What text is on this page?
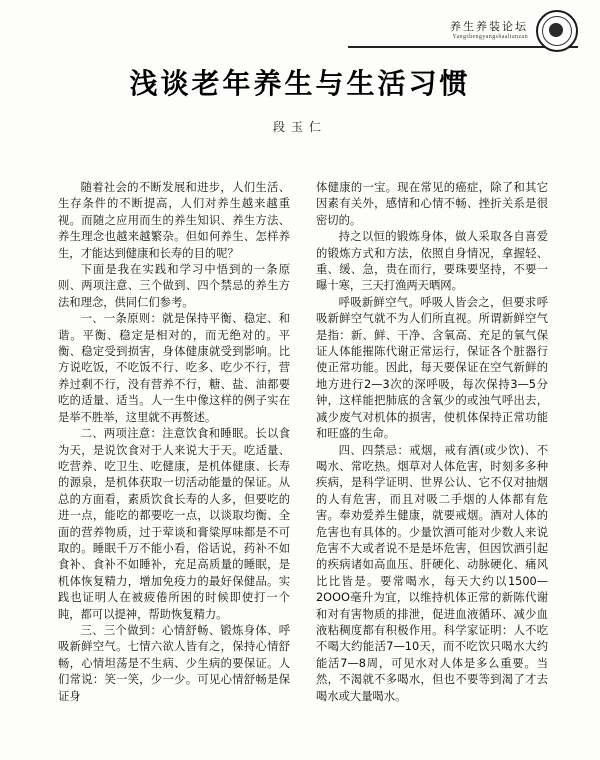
养生养装论坛
Yangshengyangshaaltanzan
浅谈老年养生与生活习惯
段玉仁

随着社会的不断发展和进步，人们生活、生存条件的不断提高，人们对养生越来越重视。而随之应用而生的养生知识、养生方法、养生理念也越来越繁杂。但如何养生、怎样养生，才能达到健康和长寿的目的呢？

下面是我在实践和学习中悟到的一条原则、两项注意、三个做到、四个禁忌的养生方法和理念，供同仁们参考。

一、一条原则：就是保持平衡、稳定、和谐。平衡、稳定是相对的，而无绝对的。平衡、稳定受到损害，身体健康就受到影响。比方说吃饭，不吃饭不行、吃多、吃少不行，营养过剩不行，没有营养不行，糖、盐、油都要吃的适量、适当。人一生中像这样的例子实在是举不胜举，这里就不再赘述。

二、两项注意：注意饮食和睡眠。长以食为天，是说饮食对于人来说大于天。吃适量、吃营养、吃卫生、吃健康，是机体健康、长寿的源泉，是机体获取一切活动能量的保证。从总的方面看，素质饮食长寿的人多，但要吃的进一点，能吃的都要吃一点，以谈取均衡、全面的营养物质，过于荤谈和膏粱厚味都是不可取的。睡眠千万不能小看，俗话说，药补不如食补、食补不如睡补，充足高质量的睡眠，是机体恢复精力，增加免疫力的最好保健品。实践也证明人在被疲倦所困的时候即使打一个盹，都可以提神，帮助恢复精力。

三、三个做到：心情舒畅、锻炼身体、呼吸新鲜空气。七情六欲人皆有之，保持心情舒畅，心情坦荡是不生病、少生病的要保证。人们常说：笑一笑，少一少。可见心情舒畅是保证身

体健康的一宝。现在常见的癌症，除了和其它因素有关外，感情和心情不畅、挫折关系是很密切的。

持之以恒的锻炼身体，做人采取各自喜爱的锻炼方式和方法，依照自身情况，拿握轻、重、缓、急，贵在而行，要珠要坚持，不要一曝十寒，三天打渔两天晒网。

呼吸新鲜空气。呼吸人皆会之，但要求呼吸新鲜空气就不为人们所直视。所谓新鲜空气是指：新、鲜、干净、含氧高、充足的氧气保证人体能摧陈代谢正常运行，保证各个脏器行使正常功能。因此，每天要保证在空气新鲜的地方进行2—3次的深呼吸，每次保持3—5分钟，这样能把肺底的含氧少的或浊气呼出去，减少废气对机体的损害，使机体保持正常功能和旺盛的生命。

四、四禁忌：戒烟，戒有酒(或少饮)、不喝水、常吃热。烟草对人体危害，时刻多多种疾病，是科学证明、世界公认、它不仅对抽烟的人有危害，而且对吸二手烟的人体都有危害。奉劝爱养生健康，就要戒烟。酒对人体的危害也有具体的。少量饮酒可能对少数人来说危害不大或者说不是是坏危害，但因饮酒引起的疾病诸如高血压、肝硬化、动脉硬化、痛风比比皆是。要常喝水，每天大约以1500—2OOO毫升为宜，以维持机体正常的新陈代谢和对有害物质的排泄，促进血液循环、减少血液粘稠度都有积极作用。科学家证明：人不吃不喝大约能活7—10天，而不吃饮只喝水大约能活7—8周，可见水对人体是多么重要。当然，不渴就不多喝水，但也不要等到渴了才去喝水或大量喝水。
